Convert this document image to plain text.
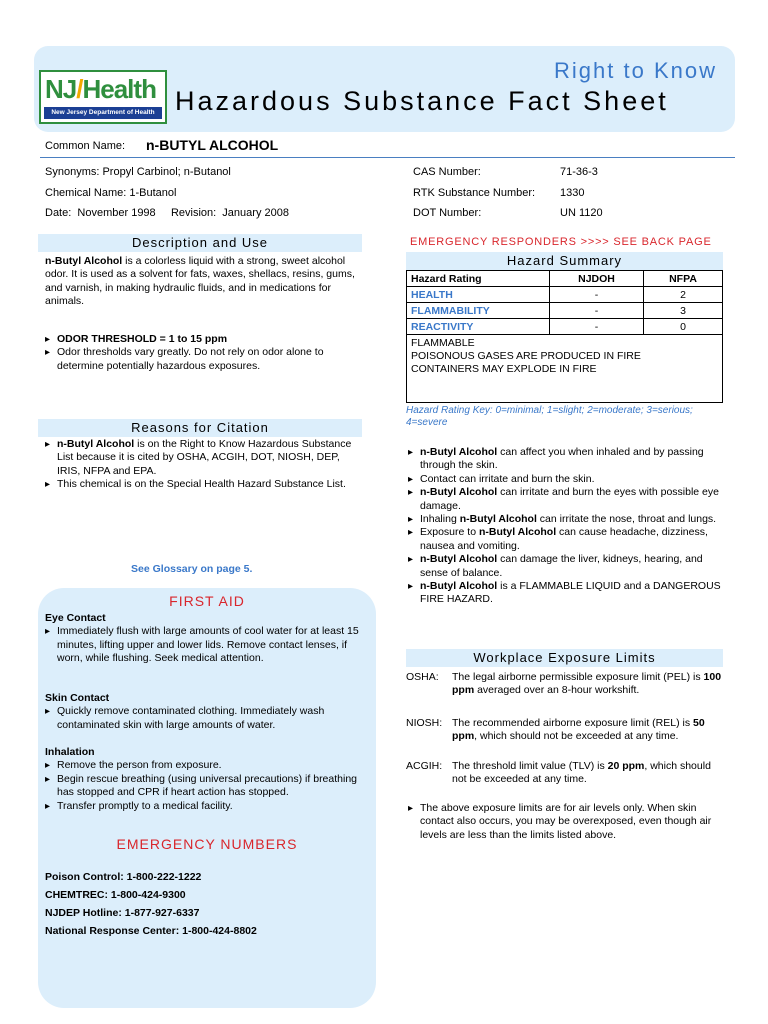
NJ/Health
New Jersey Department of Health
Right to Know
Hazardous Substance Fact Sheet
Common Name: n-BUTYL ALCOHOL
Synonyms: Propyl Carbinol; n-Butanol
Chemical Name: 1-Butanol
Date:  November 1998     Revision:  January 2008
CAS Number:	71-36-3
RTK Substance Number: 1330
DOT Number:	UN 1120
Description and Use
n-Butyl Alcohol is a colorless liquid with a strong, sweet alcohol odor. It is used as a solvent for fats, waxes, shellacs, resins, gums, and varnish, in making hydraulic fluids, and in medications for animals.
▸ ODOR THRESHOLD = 1 to 15 ppm
▸ Odor thresholds vary greatly. Do not rely on odor alone to determine potentially hazardous exposures.
Reasons for Citation
▸ n-Butyl Alcohol is on the Right to Know Hazardous Substance List because it is cited by OSHA, ACGIH, DOT, NIOSH, DEP, IRIS, NFPA and EPA.
▸ This chemical is on the Special Health Hazard Substance List.
See Glossary on page 5.
FIRST AID
Eye Contact
▸ Immediately flush with large amounts of cool water for at least 15 minutes, lifting upper and lower lids. Remove contact lenses, if worn, while flushing. Seek medical attention.
Skin Contact
▸ Quickly remove contaminated clothing. Immediately wash contaminated skin with large amounts of water.
Inhalation
▸ Remove the person from exposure.
▸ Begin rescue breathing (using universal precautions) if breathing has stopped and CPR if heart action has stopped.
▸ Transfer promptly to a medical facility.
EMERGENCY NUMBERS
Poison Control: 1-800-222-1222
CHEMTREC: 1-800-424-9300
NJDEP Hotline: 1-877-927-6337
National Response Center: 1-800-424-8802
EMERGENCY RESPONDERS >>>> SEE BACK PAGE
Hazard Summary
Hazard Rating	NJDOH	NFPA
HEALTH	-	2
FLAMMABILITY	-	3
REACTIVITY	-	0

FLAMMABLE
POISONOUS GASES ARE PRODUCED IN FIRE
CONTAINERS MAY EXPLODE IN FIRE		
Hazard Rating Key: 0=minimal; 1=slight; 2=moderate; 3=serious; 4=severe
▸ n-Butyl Alcohol can affect you when inhaled and by passing through the skin.
▸ Contact can irritate and burn the skin.
▸ n-Butyl Alcohol can irritate and burn the eyes with possible eye damage.
▸ Inhaling n-Butyl Alcohol can irritate the nose, throat and lungs.
▸ Exposure to n-Butyl Alcohol can cause headache, dizziness, nausea and vomiting.
▸ n-Butyl Alcohol can damage the liver, kidneys, hearing, and sense of balance.
▸ n-Butyl Alcohol is a FLAMMABLE LIQUID and a DANGEROUS FIRE HAZARD.
Workplace Exposure Limits
OSHA:	The legal airborne permissible exposure limit (PEL) is 100 ppm averaged over an 8-hour workshift.
NIOSH: The recommended airborne exposure limit (REL) is 50 ppm, which should not be exceeded at any time.
ACGIH: The threshold limit value (TLV) is 20 ppm, which should not be exceeded at any time.
▸ The above exposure limits are for air levels only. When skin contact also occurs, you may be overexposed, even though air levels are less than the limits listed above.
